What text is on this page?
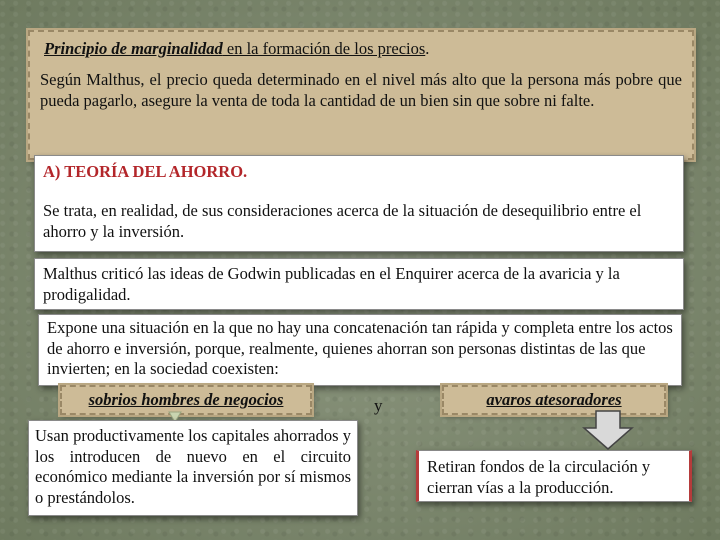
Principio de marginalidad en la formación de los precios.
Según Malthus, el precio queda determinado en el nivel más alto que la persona más pobre que pueda pagarlo, asegure la venta de toda la cantidad de un bien sin que sobre ni falte.
A) TEORÍA DEL AHORRO.
Se trata, en realidad, de sus consideraciones acerca de la situación de desequilibrio entre el ahorro y la inversión.
Malthus criticó las ideas de Godwin publicadas en el Enquirer acerca de la avaricia y la prodigalidad.
Expone una situación en la que no hay una concatenación tan rápida y completa entre los actos de ahorro e inversión, porque, realmente, quienes ahorran son personas distintas de las que invierten; en la sociedad coexisten:
sobrios hombres de negocios	y	avaros atesoradores
Usan productivamente los capitales ahorrados y los introducen de nuevo en el circuito económico mediante la inversión por sí mismos o prestándolos.
Retiran fondos de la circulación y cierran vías a la producción.
